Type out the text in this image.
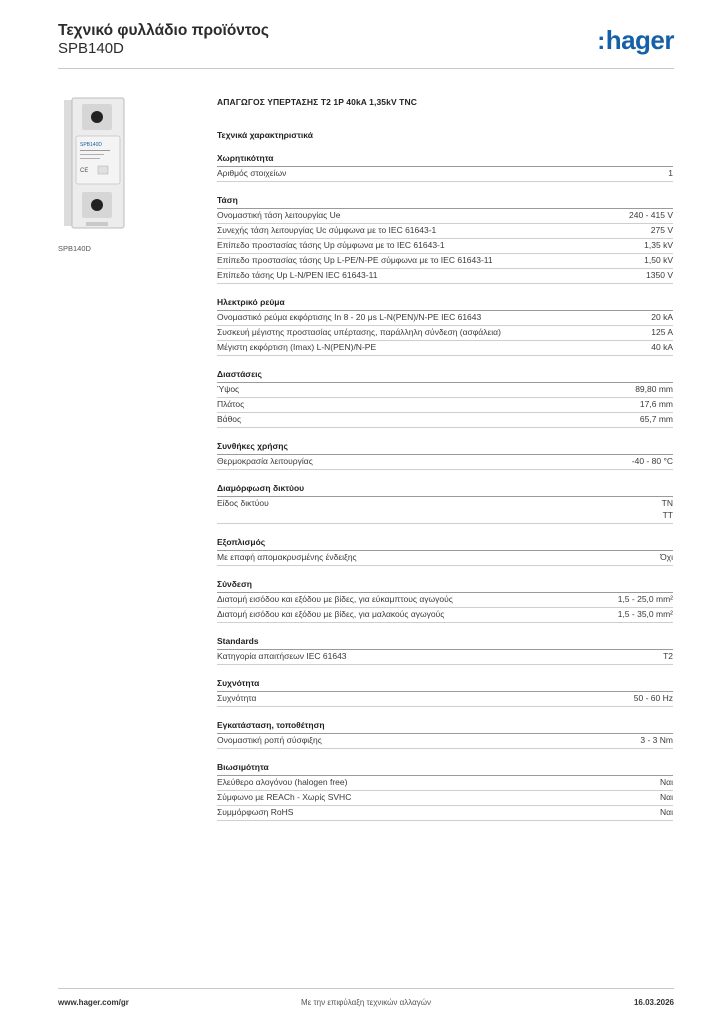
Τεχνικό φυλλάδιο προϊόντος
SPB140D	:hager
SPB140D
CE
SPB140D
ΑΠΑΓΩΓΟΣ ΥΠΕΡΤΑΣΗΣ T2 1P 40kA 1,35kV TNC
Τεχνικά χαρακτηριστικά
Χωρητικότητα
Αριθμός στοιχείων	1
Τάση
Ονομαστική τάση λειτουργίας Ue	240 - 415 V
Συνεχής τάση λειτουργίας Uc σύμφωνα με το IEC 61643-1	275 V
Επίπεδο προστασίας τάσης Up σύμφωνα με το IEC 61643-1	1,35 kV
Επίπεδο προστασίας τάσης Up L-PE/N-PE σύμφωνα με το IEC 61643-11	1,50 kV
Επίπεδο τάσης Up L-N/PEN IEC 61643-11	1350 V
Ηλεκτρικό ρεύμα
Ονομαστικό ρεύμα εκφόρτισης In 8 - 20 μs L-N(PEN)/N-PE IEC 61643	20 kA
Συσκευή μέγιστης προστασίας υπέρτασης, παράλληλη σύνδεση (ασφάλεια)	125 A
Μέγιστη εκφόρτιση (Imax) L-N(PEN)/N-PE	40 kA
Διαστάσεις
Ύψος	89,80 mm
Πλάτος	17,6 mm
Βάθος	65,7 mm
Συνθήκες χρήσης
Θερμοκρασία λειτουργίας	-40 - 80 °C
Διαμόρφωση δικτύου
Είδος δικτύου	TN
TT
Εξοπλισμός
Με επαφή απομακρυσμένης ένδειξης	Όχι
Σύνδεση
Διατομή εισόδου και εξόδου με βίδες, για εύκαμπτους αγωγούς	1,5 - 25,0 mm²
Διατομή εισόδου και εξόδου με βίδες, για μαλακούς αγωγούς	1,5 - 35,0 mm²
Standards
Κατηγορία απαιτήσεων IEC 61643	T2
Συχνότητα
Συχνότητα	50 - 60 Hz
Εγκατάσταση, τοποθέτηση
Ονομαστική ροπή σύσφιξης	3 - 3 Nm
Βιωσιμότητα
Ελεύθερο αλογόνου (halogen free)	Ναι
Σύμφωνο με REACh - Χωρίς SVHC	Ναι
Συμμόρφωση RoHS	Ναι
www.hager.com/gr	Με την επιφύλαξη τεχνικών αλλαγών	16.03.2026
